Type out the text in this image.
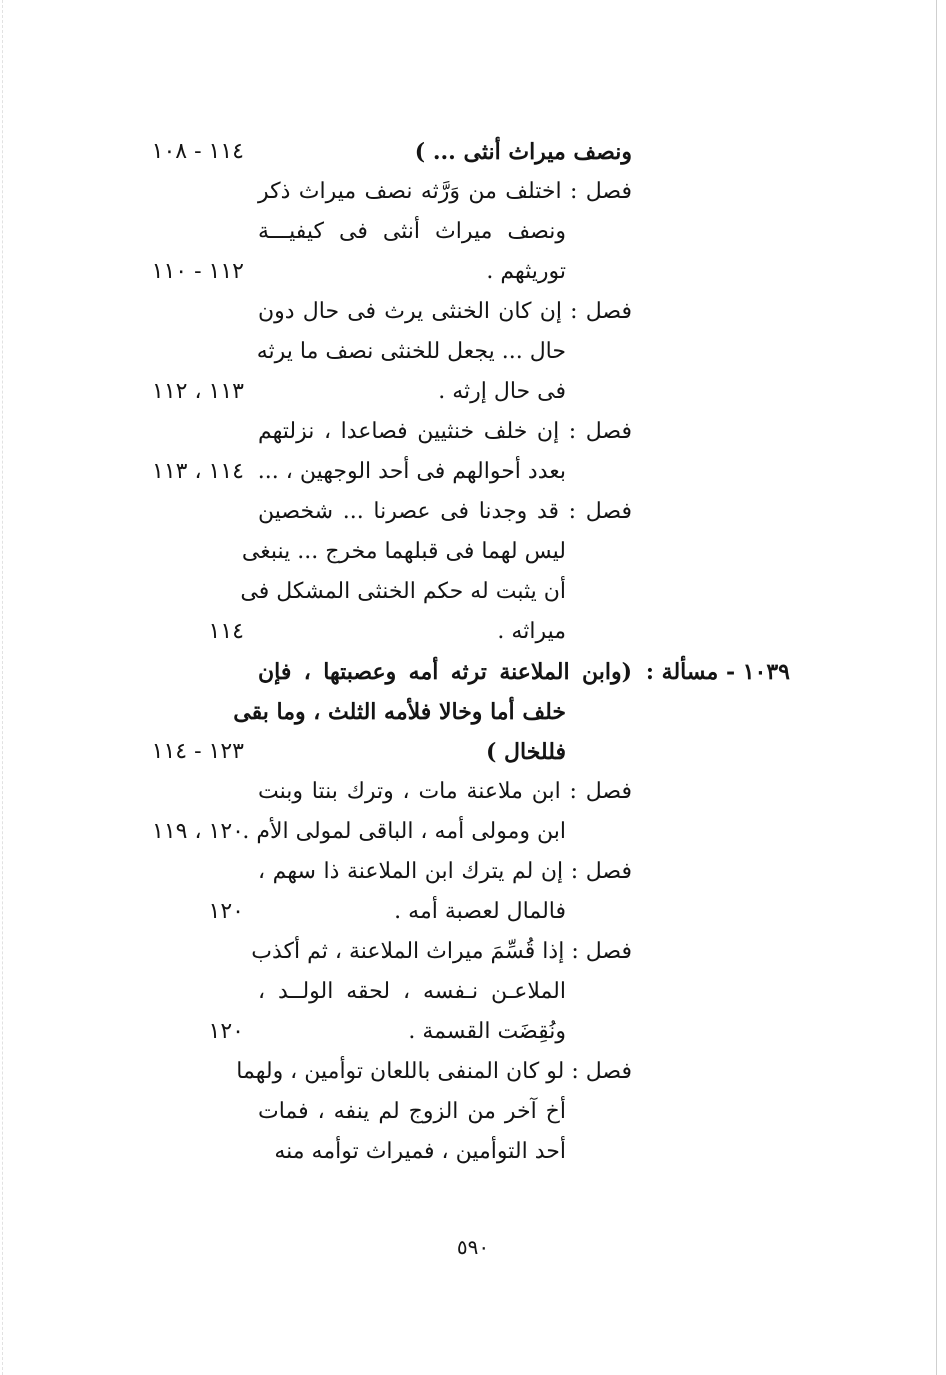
ونصف ميراث أنثى ... )
١١٤ - ١٠٨
فصل : اختلف من وَرَّثه نصف ميراث ذكر
ونصف ميراث أنثى فى كيفيـــة
توريثهم .
١١٢ - ١١٠
فصل : إن كان الخنثى يرث فى حال دون
حال ... يجعل للخنثى نصف ما يرثه
فى حال إرثه .
١١٣ ، ١١٢
فصل : إن خلف خنثيين فصاعدا ، نزلتهم
بعدد أحوالهم فى أحد الوجهين ، ...
١١٤ ، ١١٣
فصل : قد وجدنا فى عصرنا ... شخصين
ليس لهما فى قبلهما مخرج ... ينبغى
أن يثبت له حكم الخنثى المشكل فى
ميراثه .
١١٤
(وابن الملاعنة ترثه أمه وعصبتها ، فإن ١٠٣٩ - مسألة :
خلف أما وخالا فلأمه الثلث ، وما بقى
فللخال )
١٢٣ - ١١٤
فصل : ابن ملاعنة مات ، وترك بنتا وبنت
ابن ومولى أمه ، الباقى لمولى الأم .
١٢٠ ، ١١٩
فصل : إن لم يترك ابن الملاعنة ذا سهم ،
فالمال لعصبة أمه .
١٢٠
فصل : إذا قُسِّمَ ميراث الملاعنة ، ثم أكذب
الملاعـن نـفسه ، لحقه الولــد ،
ونُقِضَت القسمة .
١٢٠
فصل : لو كان المنفى باللعان توأمين ، ولهما
أخ آخر من الزوج لم ينفه ، فمات
أحد التوأمين ، فميراث توأمه منه
٥٩٠
